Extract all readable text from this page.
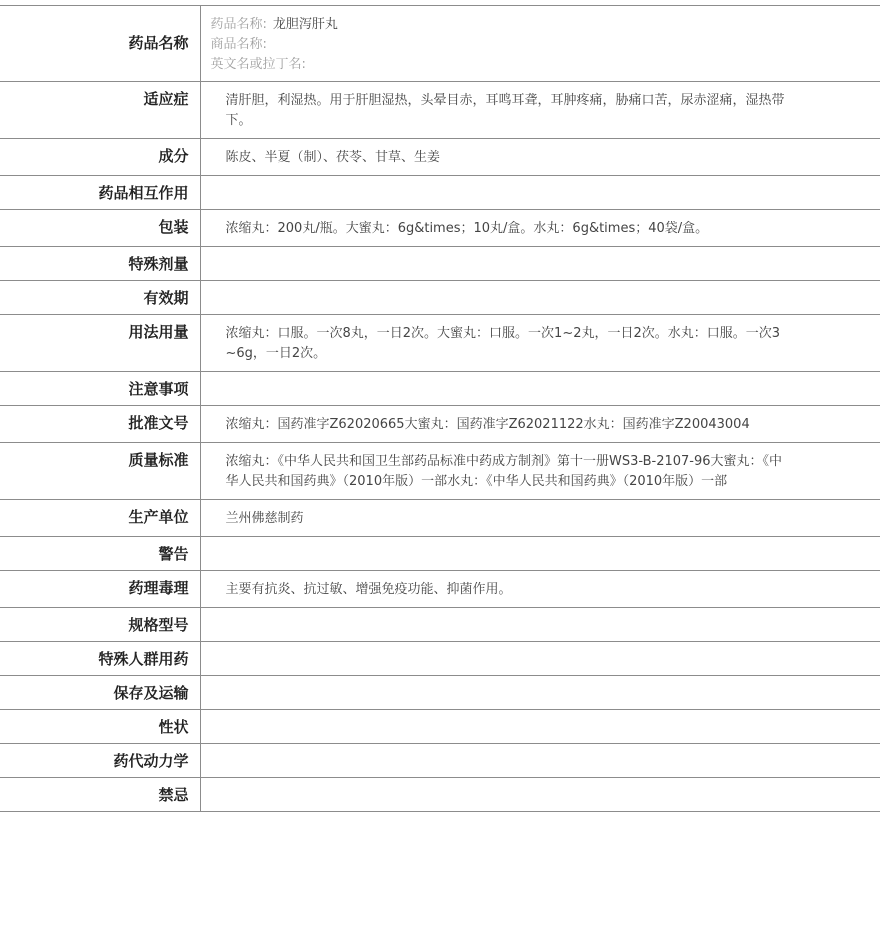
药品名称	药品名称: 龙胆泻肝丸
商品名称:
英文名或拉丁名:

适应症	清肝胆，利湿热。用于肝胆湿热，头晕目赤，耳鸣耳聋，耳肿疼痛，胁痛口苦，尿赤涩痛，湿热带下。
成分	陈皮、半夏（制）、茯苓、甘草、生姜
药品相互作用	
包装	浓缩丸：200丸/瓶。大蜜丸：6g&times；10丸/盒。水丸：6g&times；40袋/盒。
特殊剂量	
有效期	
用法用量	浓缩丸：口服。一次8丸，一日2次。大蜜丸：口服。一次1~2丸，一日2次。水丸：口服。一次3~6g，一日2次。
注意事项	
批准文号	浓缩丸：国药准字Z62020665大蜜丸：国药准字Z62021122水丸：国药准字Z20043004
质量标准	浓缩丸：《中华人民共和国卫生部药品标准中药成方制剂》第十一册WS3-B-2107-96大蜜丸：《中华人民共和国药典》（2010年版）一部水丸：《中华人民共和国药典》（2010年版）一部
生产单位	兰州佛慈制药
警告	
药理毒理	主要有抗炎、抗过敏、增强免疫功能、抑菌作用。
规格型号	
特殊人群用药	
保存及运输	
性状	
药代动力学	
禁忌	
